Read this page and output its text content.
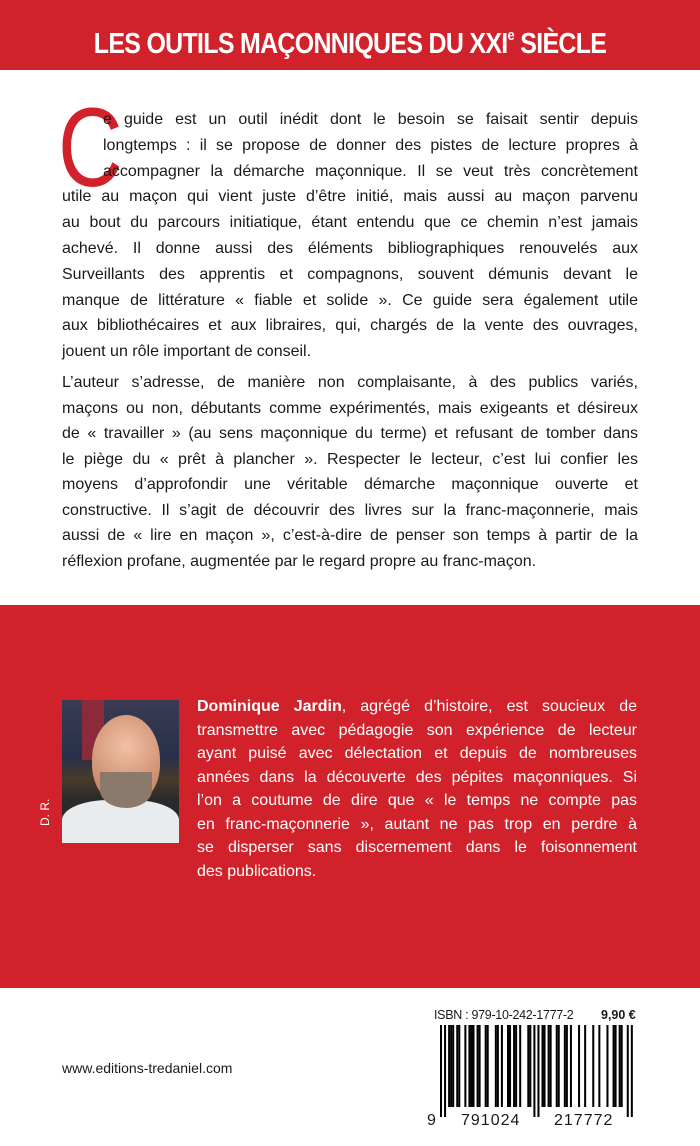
LES OUTILS MAÇONNIQUES DU XXIe SIÈCLE
C
e guide est un outil inédit dont le besoin se faisait sentir depuis
longtemps : il se propose de donner des pistes de lecture propres à
accompagner la démarche maçonnique. Il se veut très concrètement
utile au maçon qui vient juste d’être initié, mais aussi au maçon parvenu
au bout du parcours initiatique, étant entendu que ce chemin n’est jamais
achevé. Il donne aussi des éléments bibliographiques renouvelés aux
Surveillants des apprentis et compagnons, souvent démunis devant le
manque de littérature « fiable et solide ». Ce guide sera également utile
aux bibliothécaires et aux libraires, qui, chargés de la vente des ouvrages,
jouent un rôle important de conseil.
L’auteur s’adresse, de manière non complaisante, à des publics variés,
maçons ou non, débutants comme expérimentés, mais exigeants et désireux
de « travailler » (au sens maçonnique du terme) et refusant de tomber dans
le piège du « prêt à plancher ». Respecter le lecteur, c’est lui confier les
moyens d’approfondir une véritable démarche maçonnique ouverte et
constructive. Il s’agit de découvrir des livres sur la franc-maçonnerie, mais
aussi de « lire en maçon », c’est-à-dire de penser son temps à partir de la
réflexion profane, augmentée par le regard propre au franc-maçon.
D. R.
Dominique Jardin, agrégé d’histoire, est soucieux de
transmettre avec pédagogie son expérience de lecteur
ayant puisé avec délectation et depuis de nombreuses
années dans la découverte des pépites maçonniques. Si
l’on a coutume de dire que « le temps ne compte pas
en franc-maçonnerie », autant ne pas trop en perdre à
se disperser sans discernement dans le foisonnement
des publications.
www.editions-tredaniel.com
ISBN : 979-10-242-1777-2 9,90 €
9 791024 217772
